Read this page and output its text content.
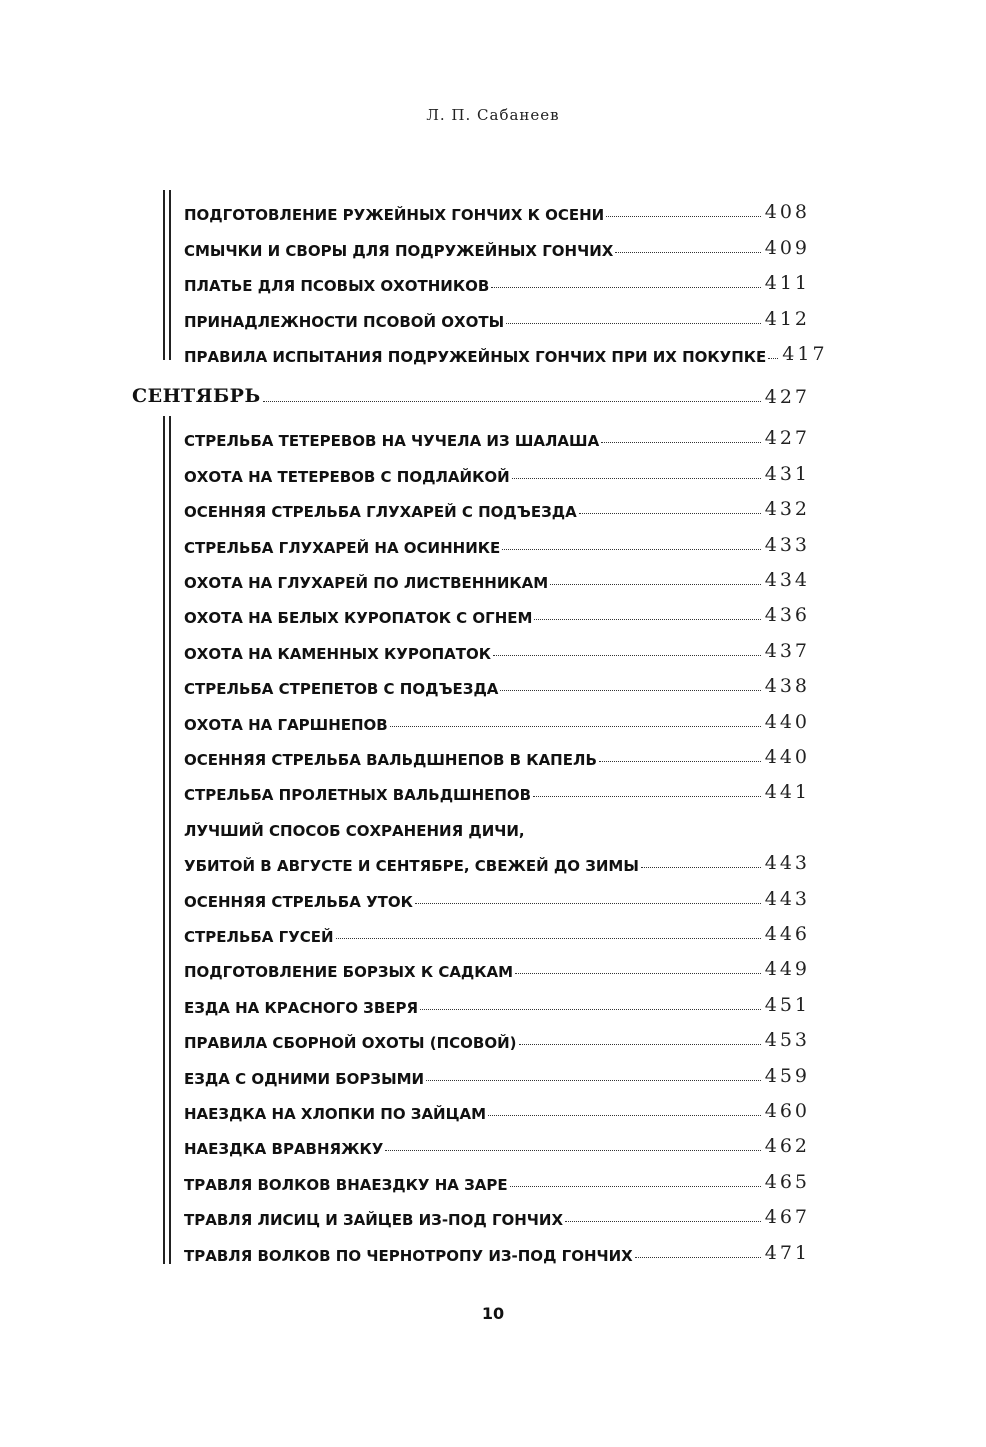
Л. П. Сабанеев
ПОДГОТОВЛЕНИЕ РУЖЕЙНЫХ ГОНЧИХ К ОСЕНИ	408
СМЫЧКИ И СВОРЫ ДЛЯ ПОДРУЖЕЙНЫХ ГОНЧИХ	409
ПЛАТЬЕ ДЛЯ ПСОВЫХ ОХОТНИКОВ	411
ПРИНАДЛЕЖНОСТИ ПСОВОЙ ОХОТЫ	412
ПРАВИЛА ИСПЫТАНИЯ ПОДРУЖЕЙНЫХ ГОНЧИХ ПРИ ИХ ПОКУПКЕ 417
СЕНТЯБРЬ	427
СТРЕЛЬБА ТЕТЕРЕВОВ НА ЧУЧЕЛА ИЗ ШАЛАША	427
ОХОТА НА ТЕТЕРЕВОВ С ПОДЛАЙКОЙ	431
ОСЕННЯЯ СТРЕЛЬБА ГЛУХАРЕЙ С ПОДЪЕЗДА	432
СТРЕЛЬБА ГЛУХАРЕЙ НА ОСИННИКЕ	433
ОХОТА НА ГЛУХАРЕЙ ПО ЛИСТВЕННИКАМ	434
ОХОТА НА БЕЛЫХ КУРОПАТОК С ОГНЕМ	436
ОХОТА НА КАМЕННЫХ КУРОПАТОК	437
СТРЕЛЬБА СТРЕПЕТОВ С ПОДЪЕЗДА	438
ОХОТА НА ГАРШНЕПОВ	440
ОСЕННЯЯ СТРЕЛЬБА ВАЛЬДШНЕПОВ В КАПЕЛЬ	440
СТРЕЛЬБА ПРОЛЕТНЫХ ВАЛЬДШНЕПОВ	441
ЛУЧШИЙ СПОСОБ СОХРАНЕНИЯ ДИЧИ,
УБИТОЙ В АВГУСТЕ И СЕНТЯБРЕ, СВЕЖЕЙ ДО ЗИМЫ	443
ОСЕННЯЯ СТРЕЛЬБА УТОК	443
СТРЕЛЬБА ГУСЕЙ	446
ПОДГОТОВЛЕНИЕ БОРЗЫХ К САДКАМ	449
ЕЗДА НА КРАСНОГО ЗВЕРЯ	451
ПРАВИЛА СБОРНОЙ ОХОТЫ (ПСОВОЙ)	453
ЕЗДА С ОДНИМИ БОРЗЫМИ	459
НАЕЗДКА НА ХЛОПКИ ПО ЗАЙЦАМ	460
НАЕЗДКА ВРАВНЯЖКУ	462
ТРАВЛЯ ВОЛКОВ ВНАЕЗДКУ НА ЗАРЕ	465
ТРАВЛЯ ЛИСИЦ И ЗАЙЦЕВ ИЗ-ПОД ГОНЧИХ	467
ТРАВЛЯ ВОЛКОВ ПО ЧЕРНОТРОПУ ИЗ-ПОД ГОНЧИХ	471
10
